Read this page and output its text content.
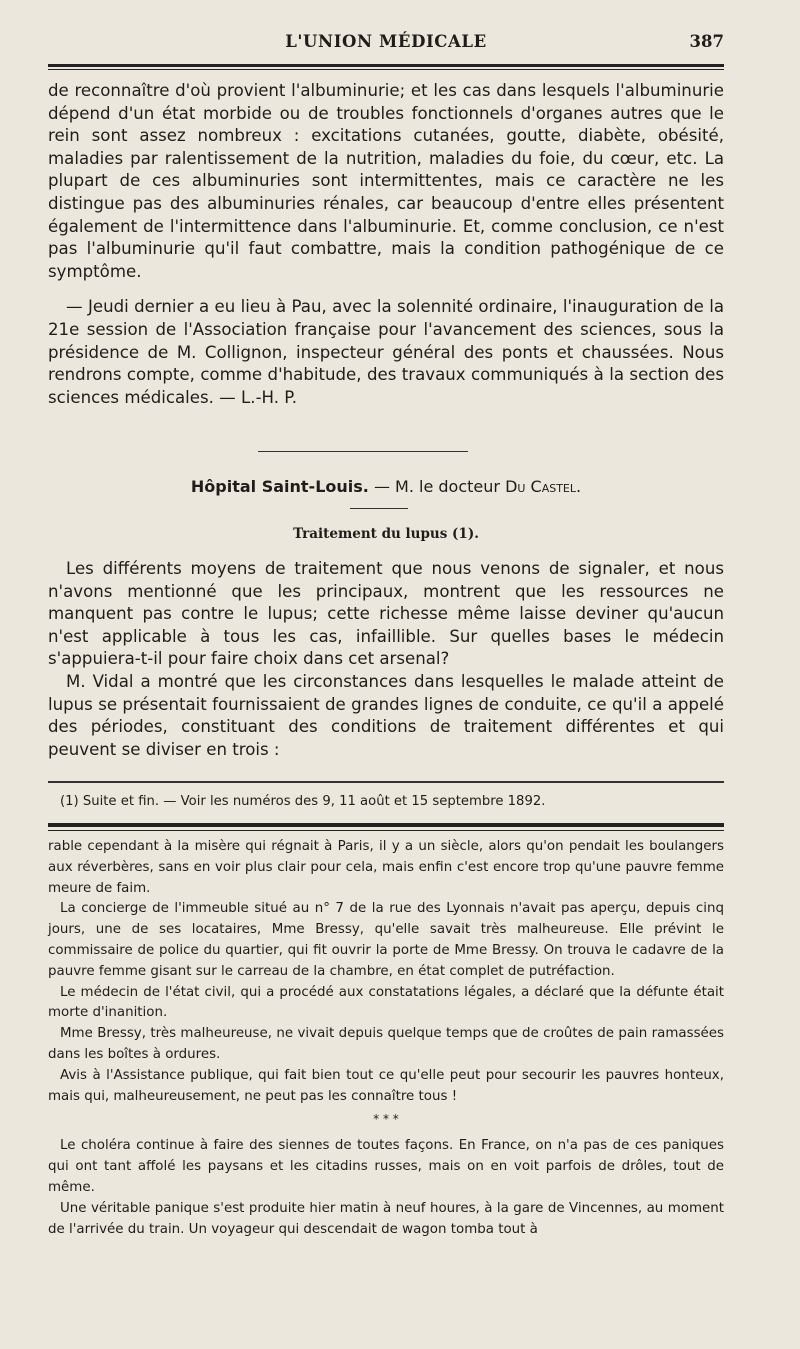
L'UNION MÉDICALE	387

de reconnaître d'où provient l'albuminurie; et les cas dans lesquels l'albuminurie dépend d'un état morbide ou de troubles fonctionnels d'organes autres que le rein sont assez nombreux : excitations cutanées, goutte, diabète, obésité, maladies par ralentissement de la nutrition, maladies du foie, du cœur, etc. La plupart de ces albuminuries sont intermittentes, mais ce caractère ne les distingue pas des albuminuries rénales, car beaucoup d'entre elles présentent également de l'intermittence dans l'albuminurie. Et, comme conclusion, ce n'est pas l'albuminurie qu'il faut combattre, mais la condition pathogénique de ce symptôme.

— Jeudi dernier a eu lieu à Pau, avec la solennité ordinaire, l'inauguration de la 21e session de l'Association française pour l'avancement des sciences, sous la présidence de M. Collignon, inspecteur général des ponts et chaussées. Nous rendrons compte, comme d'habitude, des travaux communiqués à la section des sciences médicales. — L.-H. P.

Hôpital Saint-Louis. — M. le docteur Du Castel.
Traitement du lupus (1).

Les différents moyens de traitement que nous venons de signaler, et nous n'avons mentionné que les principaux, montrent que les ressources ne manquent pas contre le lupus; cette richesse même laisse deviner qu'aucun n'est applicable à tous les cas, infaillible. Sur quelles bases le médecin s'appuiera-t-il pour faire choix dans cet arsenal?

M. Vidal a montré que les circonstances dans lesquelles le malade atteint de lupus se présentait fournissaient de grandes lignes de conduite, ce qu'il a appelé des périodes, constituant des conditions de traitement différentes et qui peuvent se diviser en trois :

(1) Suite et fin. — Voir les numéros des 9, 11 août et 15 septembre 1892.

rable cependant à la misère qui régnait à Paris, il y a un siècle, alors qu'on pendait les boulangers aux réverbères, sans en voir plus clair pour cela, mais enfin c'est encore trop qu'une pauvre femme meure de faim.

La concierge de l'immeuble situé au n° 7 de la rue des Lyonnais n'avait pas aperçu, depuis cinq jours, une de ses locataires, Mme Bressy, qu'elle savait très malheureuse. Elle prévint le commissaire de police du quartier, qui fit ouvrir la porte de Mme Bressy. On trouva le cadavre de la pauvre femme gisant sur le carreau de la chambre, en état complet de putréfaction.

Le médecin de l'état civil, qui a procédé aux constatations légales, a déclaré que la défunte était morte d'inanition.

Mme Bressy, très malheureuse, ne vivait depuis quelque temps que de croûtes de pain ramassées dans les boîtes à ordures.

Avis à l'Assistance publique, qui fait bien tout ce qu'elle peut pour secourir les pauvres honteux, mais qui, malheureusement, ne peut pas les connaître tous !

* * *

Le choléra continue à faire des siennes de toutes façons. En France, on n'a pas de ces paniques qui ont tant affolé les paysans et les citadins russes, mais on en voit parfois de drôles, tout de même.

Une véritable panique s'est produite hier matin à neuf houres, à la gare de Vincennes, au moment de l'arrivée du train. Un voyageur qui descendait de wagon tomba tout à
